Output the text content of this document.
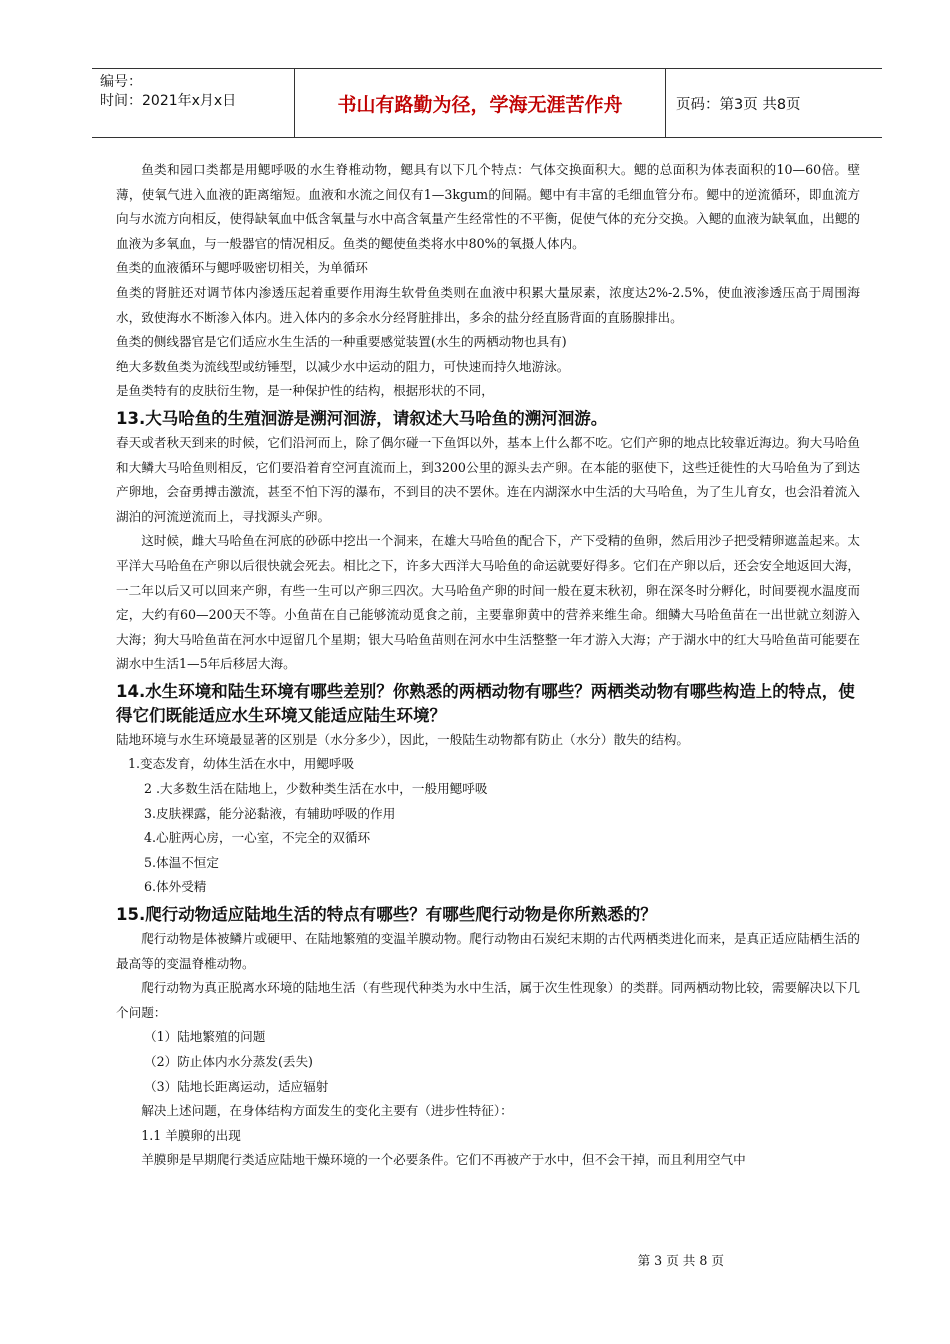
编号：
时间：2021年x月x日	书山有路勤为径，学海无涯苦作舟	页码：第3页 共8页

鱼类和园口类都是用鳃呼吸的水生脊椎动物，鳃具有以下几个特点：气体交换面积大。鳃的总面积为体表面积的10—60倍。壁薄，使氧气进入血液的距离缩短。血液和水流之间仅有1—3kgum的间隔。鳃中有丰富的毛细血管分布。鳃中的逆流循环，即血流方向与水流方向相反，使得缺氧血中低含氧量与水中高含氧量产生经常性的不平衡，促使气体的充分交换。入鳃的血液为缺氧血，出鳃的血液为多氧血，与一般器官的情况相反。鱼类的鳃使鱼类将水中80%的氧摄人体内。

鱼类的血液循环与鳃呼吸密切相关，为单循环

鱼类的肾脏还对调节体内渗透压起着重要作用海生软骨鱼类则在血液中积累大量尿素，浓度达2%-2.5%，使血液渗透压高于周围海水，致使海水不断渗入体内。进入体内的多余水分经肾脏排出，多余的盐分经直肠背面的直肠腺排出。

鱼类的侧线器官是它们适应水生生活的一种重要感觉装置(水生的两栖动物也具有)

绝大多数鱼类为流线型或纺锤型，以减少水中运动的阻力，可快速而持久地游泳。

是鱼类特有的皮肤衍生物，是一种保护性的结构，根据形状的不同，

13.大马哈鱼的生殖洄游是溯河洄游，请叙述大马哈鱼的溯河洄游。

春天或者秋天到来的时候，它们沿河而上，除了偶尔碰一下鱼饵以外，基本上什么都不吃。它们产卵的地点比较靠近海边。狗大马哈鱼和大鳞大马哈鱼则相反，它们要沿着育空河直流而上，到3200公里的源头去产卵。在本能的驱使下，这些迁徙性的大马哈鱼为了到达产卵地，会奋勇搏击激流，甚至不怕下泻的瀑布，不到目的决不罢休。连在内湖深水中生活的大马哈鱼，为了生儿育女，也会沿着流入湖泊的河流逆流而上，寻找源头产卵。

这时候，雌大马哈鱼在河底的砂砾中挖出一个洞来，在雄大马哈鱼的配合下，产下受精的鱼卵，然后用沙子把受精卵遮盖起来。太平洋大马哈鱼在产卵以后很快就会死去。相比之下，许多大西洋大马哈鱼的命运就要好得多。它们在产卵以后，还会安全地返回大海，一二年以后又可以回来产卵，有些一生可以产卵三四次。大马哈鱼产卵的时间一般在夏末秋初，卵在深冬时分孵化，时间要视水温度而定，大约有60—200天不等。小鱼苗在自己能够流动觅食之前，主要靠卵黄中的营养来维生命。细鳞大马哈鱼苗在一出世就立刻游入大海；狗大马哈鱼苗在河水中逗留几个星期；银大马哈鱼苗则在河水中生活整整一年才游入大海；产于湖水中的红大马哈鱼苗可能要在湖水中生活1—5年后移居大海。

14.水生环境和陆生环境有哪些差别？你熟悉的两栖动物有哪些？两栖类动物有哪些构造上的特点，使得它们既能适应水生环境又能适应陆生环境？

陆地环境与水生环境最显著的区别是（水分多少），因此，一般陆生动物都有防止（水分）散失的结构。

1.变态发育，幼体生活在水中，用鳃呼吸
2 .大多数生活在陆地上，少数种类生活在水中，一般用鳃呼吸
3.皮肤裸露，能分泌黏液，有辅助呼吸的作用
4.心脏两心房，一心室，不完全的双循环
5.体温不恒定
6.体外受精
15.爬行动物适应陆地生活的特点有哪些？有哪些爬行动物是你所熟悉的？

爬行动物是体被鳞片或硬甲、在陆地繁殖的变温羊膜动物。爬行动物由石炭纪末期的古代两栖类进化而来，是真正适应陆栖生活的最高等的变温脊椎动物。

爬行动物为真正脱离水环境的陆地生活（有些现代种类为水中生活，属于次生性现象）的类群。同两栖动物比较，需要解决以下几个问题：

（1）陆地繁殖的问题
（2）防止体内水分蒸发(丢失)
（3）陆地长距离运动，适应辐射

解决上述问题，在身体结构方面发生的变化主要有（进步性特征）：

1.1 羊膜卵的出现

羊膜卵是早期爬行类适应陆地干燥环境的一个必要条件。它们不再被产于水中，但不会干掉，而且利用空气中

第 3 页 共 8 页
